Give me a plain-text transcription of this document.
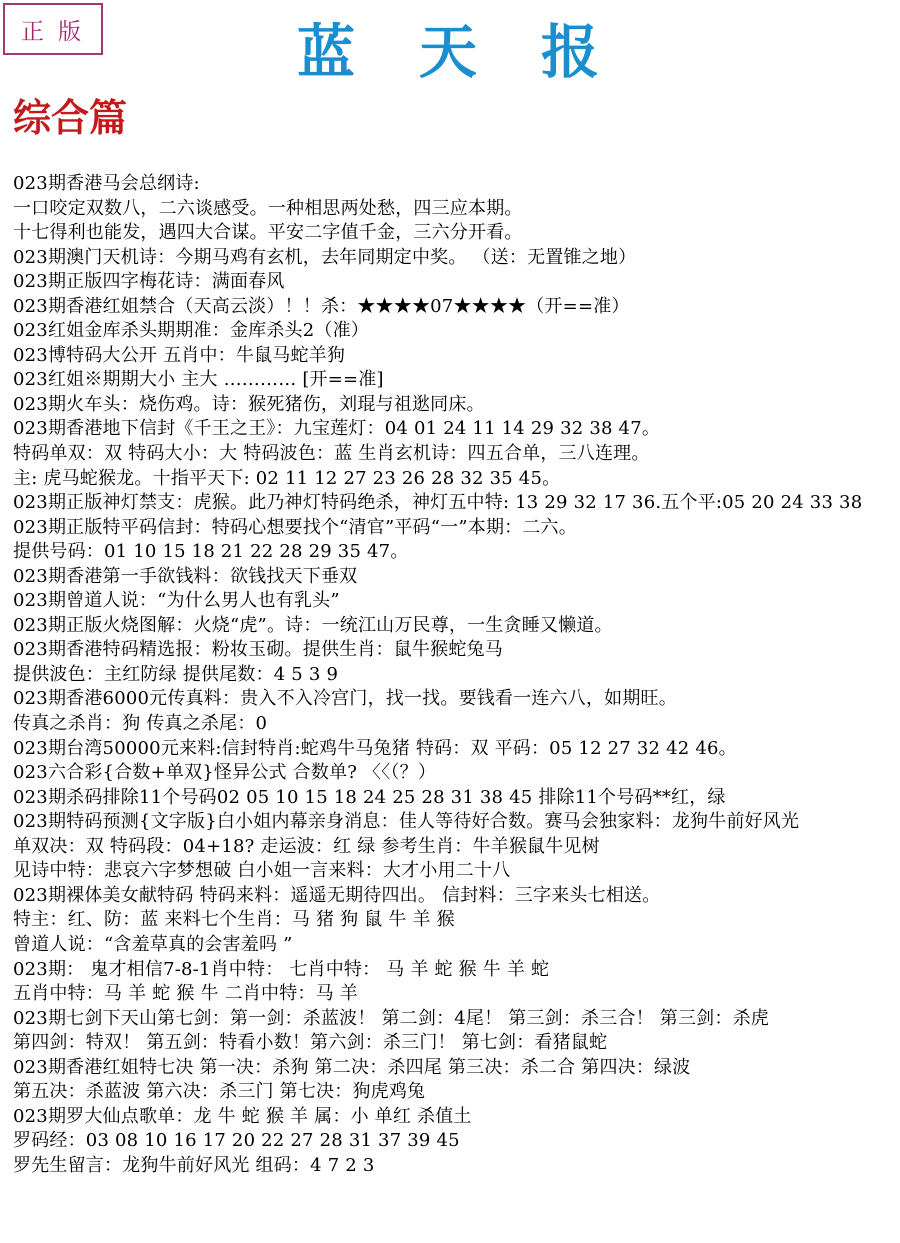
正版	蓝天报
综合篇
023期香港马会总纲诗:
一口咬定双数八，二六谈感受。一种相思两处愁，四三应本期。
十七得利也能发，遇四大合谋。平安二字值千金，三六分开看。
023期澳门天机诗：今期马鸡有玄机，去年同期定中奖。 （送：无置锥之地）
023期正版四字梅花诗：满面春风
023期香港红姐禁合（天高云淡）！！杀：★★★★07★★★★（开==准）
023红姐金库杀头期期准：金库杀头2（准）
023博特码大公开 五肖中：牛鼠马蛇羊狗
023红姐※期期大小 主大 ………… [开==准]
023期火车头：烧伤鸡。诗：猴死猪伤，刘琨与祖逖同床。
023期香港地下信封《千王之王》：九宝莲灯：04 01 24 11 14 29 32 38 47。
特码单双：双 特码大小：大 特码波色：蓝 生肖玄机诗：四五合单，三八连理。
主: 虎马蛇猴龙。十指平天下: 02 11 12 27 23 26 28 32 35 45。
023期正版神灯禁支：虎猴。此乃神灯特码绝杀，神灯五中特: 13 29 32 17 36.五个平:05 20 24 33 38
023期正版特平码信封：特码心想要找个“清官”平码“一”本期：二六。
提供号码：01 10 15 18 21 22 28 29 35 47。
023期香港第一手欲钱料：欲钱找天下垂双
023期曾道人说：“为什么男人也有乳头”
023期正版火烧图解：火烧“虎”。诗：一统江山万民尊，一生贪睡又懒道。
023期香港特码精选报：粉妆玉砌。提供生肖：鼠牛猴蛇兔马
提供波色：主红防绿 提供尾数：4 5 3 9
023期香港6000元传真料：贵入不入冷宫门，找一找。要钱看一连六八，如期旺。
传真之杀肖：狗 传真之杀尾：0
023期台湾50000元来料:信封特肖:蛇鸡牛马兔猪 特码：双 平码：05 12 27 32 42 46。
023六合彩{合数+单双}怪异公式 合数单? 〈〈（？）
023期杀码排除11个号码02 05 10 15 18 24 25 28 31 38 45 排除11个号码**红，绿
023期特码预测{文字版}白小姐内幕亲身消息：佳人等待好合数。赛马会独家料：龙狗牛前好风光
单双决：双 特码段：04+18? 走运波：红 绿 参考生肖：牛羊猴鼠牛见树
见诗中特：悲哀六字梦想破 白小姐一言来料：大才小用二十八
023期裸体美女献特码 特码来料：遥遥无期待四出。 信封料：三字来头七相送。
特主：红、防：蓝 来料七个生肖：马 猪 狗 鼠 牛 羊 猴
曾道人说：“含羞草真的会害羞吗 ”
023期： 鬼才相信7-8-1肖中特： 七肖中特： 马 羊 蛇 猴 牛 羊 蛇
五肖中特：马 羊 蛇 猴 牛 二肖中特：马 羊
023期七剑下天山第七剑：第一剑：杀蓝波！ 第二剑：4尾！ 第三剑：杀三合！ 第三剑：杀虎
第四剑：特双！ 第五剑：特看小数！第六剑：杀三门！ 第七剑：看猪鼠蛇
023期香港红姐特七决 第一决：杀狗 第二决：杀四尾 第三决：杀二合 第四决：绿波
第五决：杀蓝波 第六决：杀三门 第七决：狗虎鸡兔
023期罗大仙点歌单：龙 牛 蛇 猴 羊 属：小 单红 杀值土
罗码经：03 08 10 16 17 20 22 27 28 31 37 39 45
罗先生留言：龙狗牛前好风光 组码：4 7 2 3
